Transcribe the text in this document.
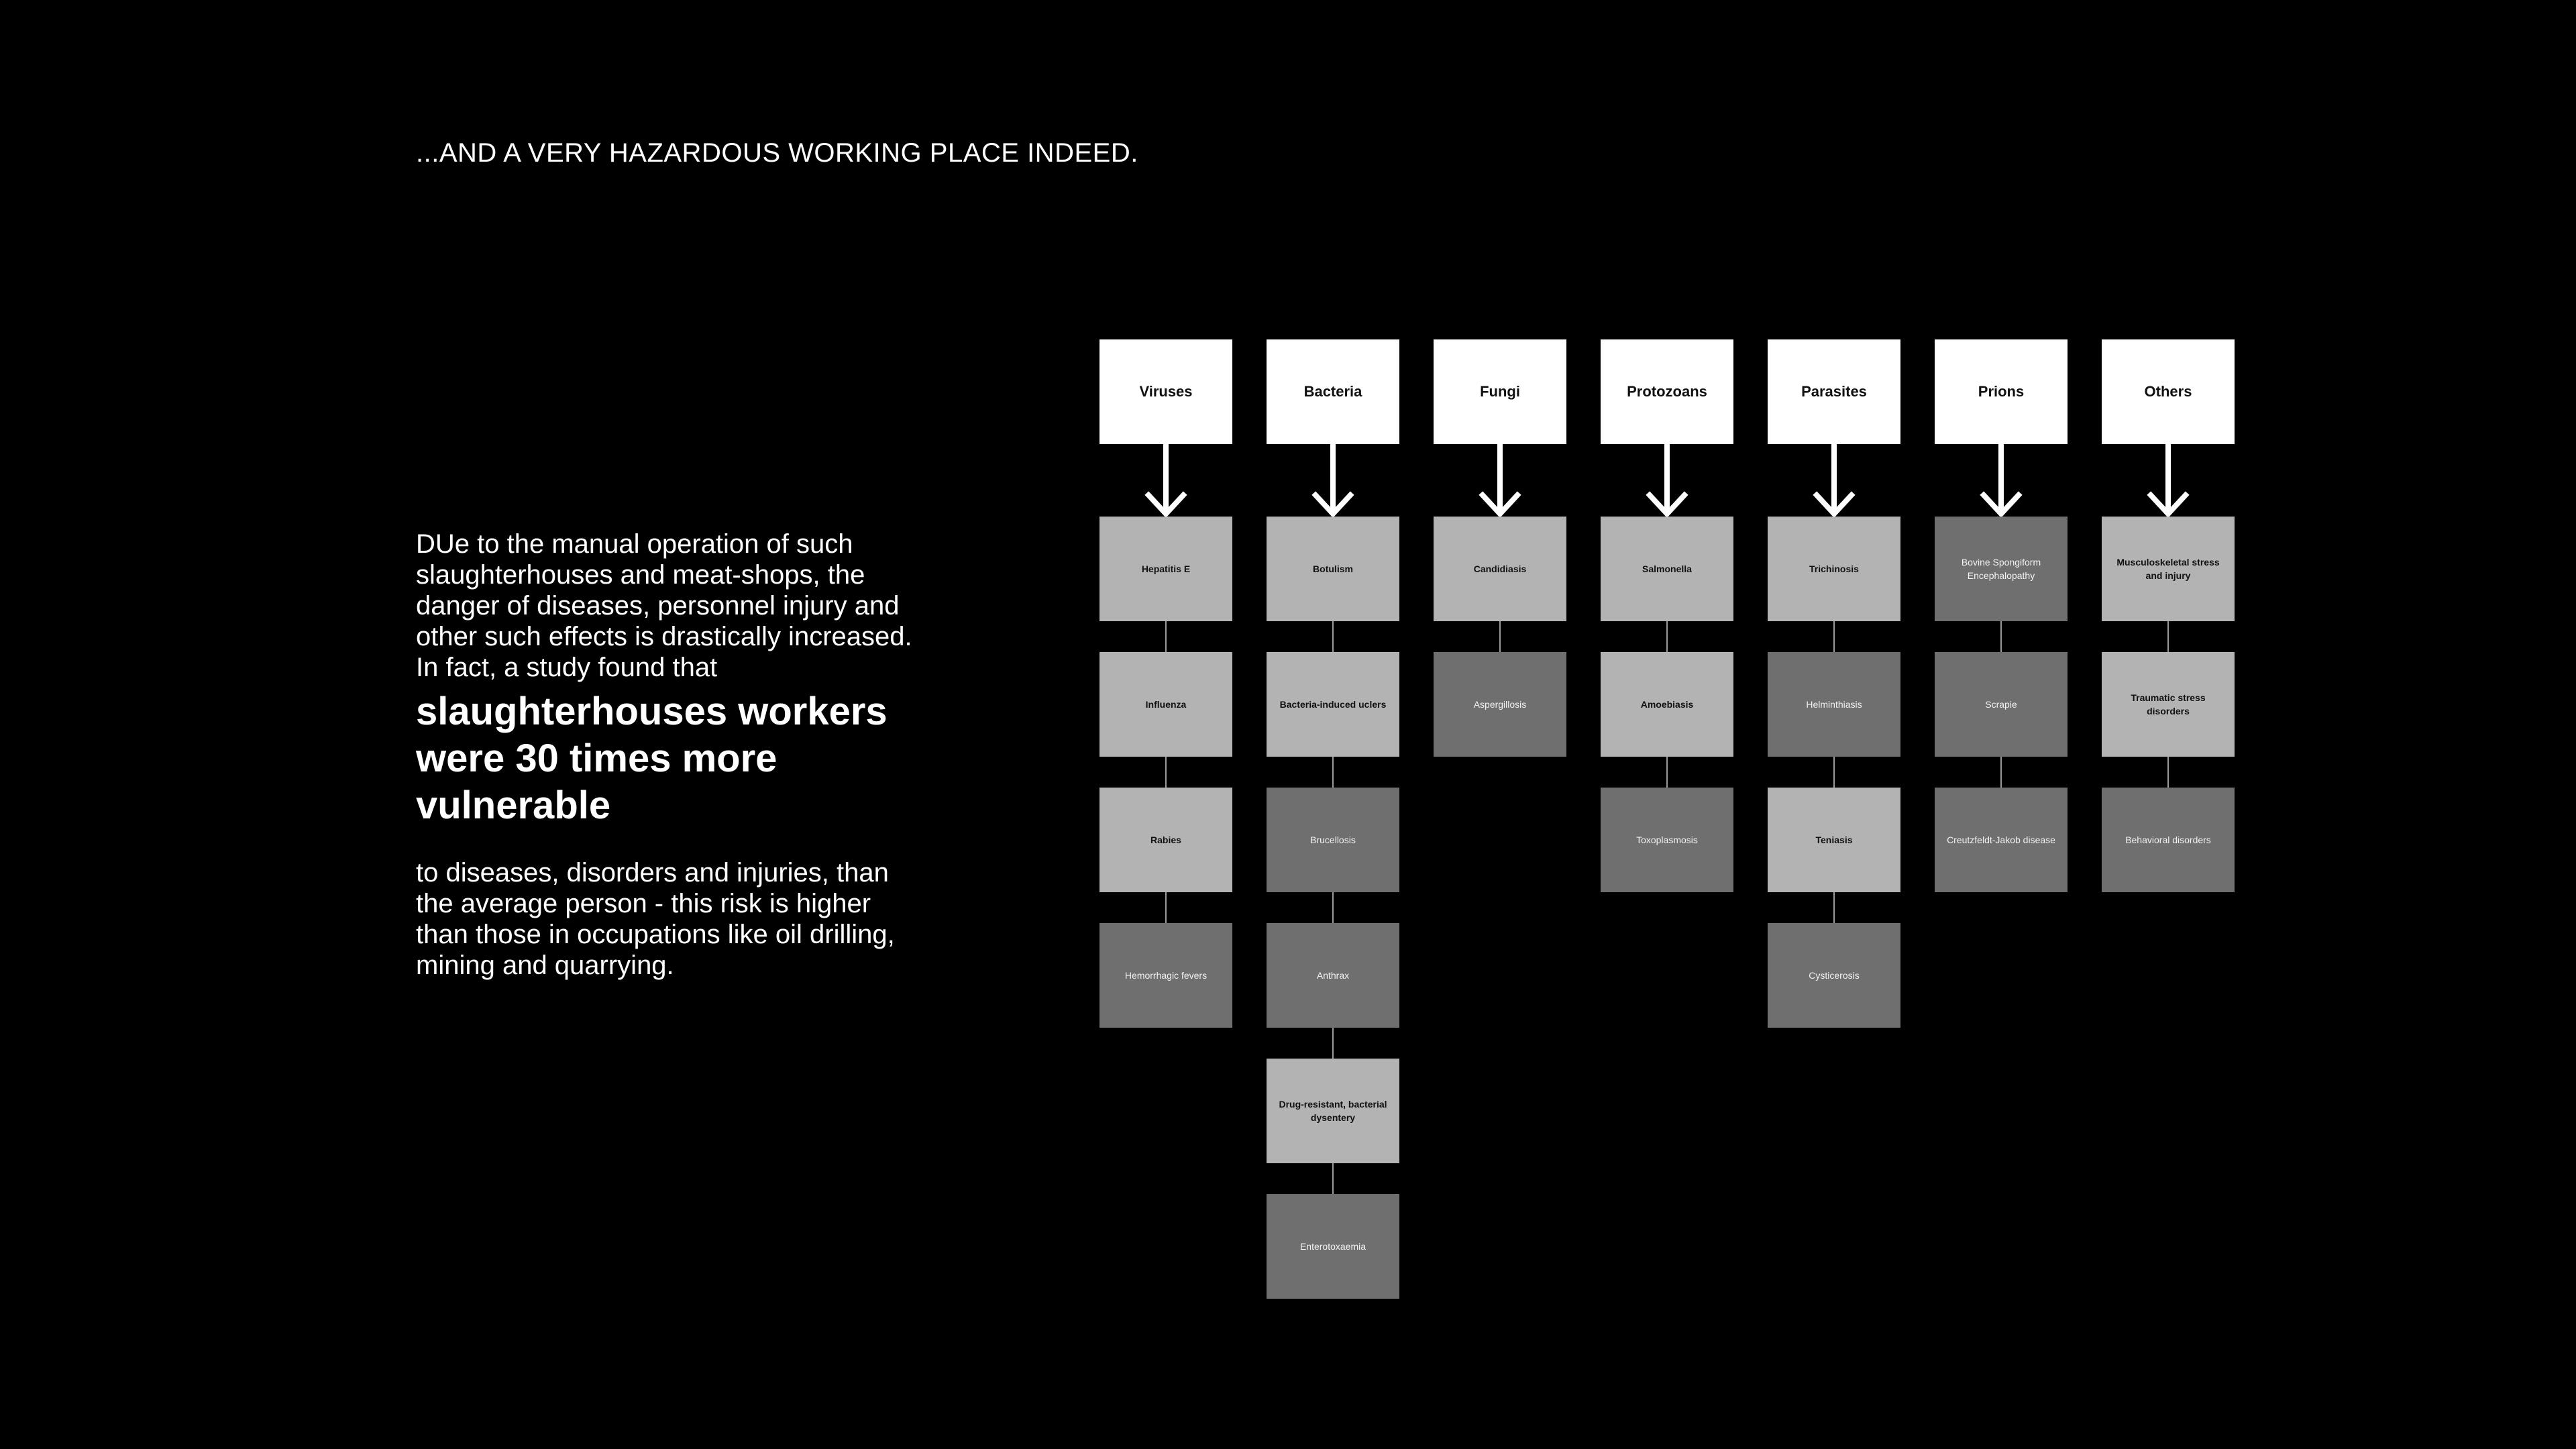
...AND A VERY HAZARDOUS WORKING PLACE INDEED.

DUe to the manual operation of such slaughterhouses and meat-shops, the danger of diseases, personnel injury and other such effects is drastically increased. In fact, a study found that

slaughterhouses workers were 30 times more vulnerable

to diseases, disorders and injuries, than the average person - this risk is higher than those in occupations like oil drilling, mining and quarrying.

Viruses
Hepatitis E
Influenza
Rabies
Hemorrhagic fevers
Bacteria
Botulism
Bacteria-induced uclers
Brucellosis
Anthrax
Drug-resistant, bacterial dysentery
Enterotoxaemia
Fungi
Candidiasis
Aspergillosis
Protozoans
Salmonella
Amoebiasis
Toxoplasmosis
Parasites
Trichinosis
Helminthiasis
Teniasis
Cysticerosis
Prions
Bovine Spongiform Encephalopathy
Scrapie
Creutzfeldt-Jakob disease
Others
Musculoskeletal stress and injury
Traumatic stress disorders
Behavioral disorders
